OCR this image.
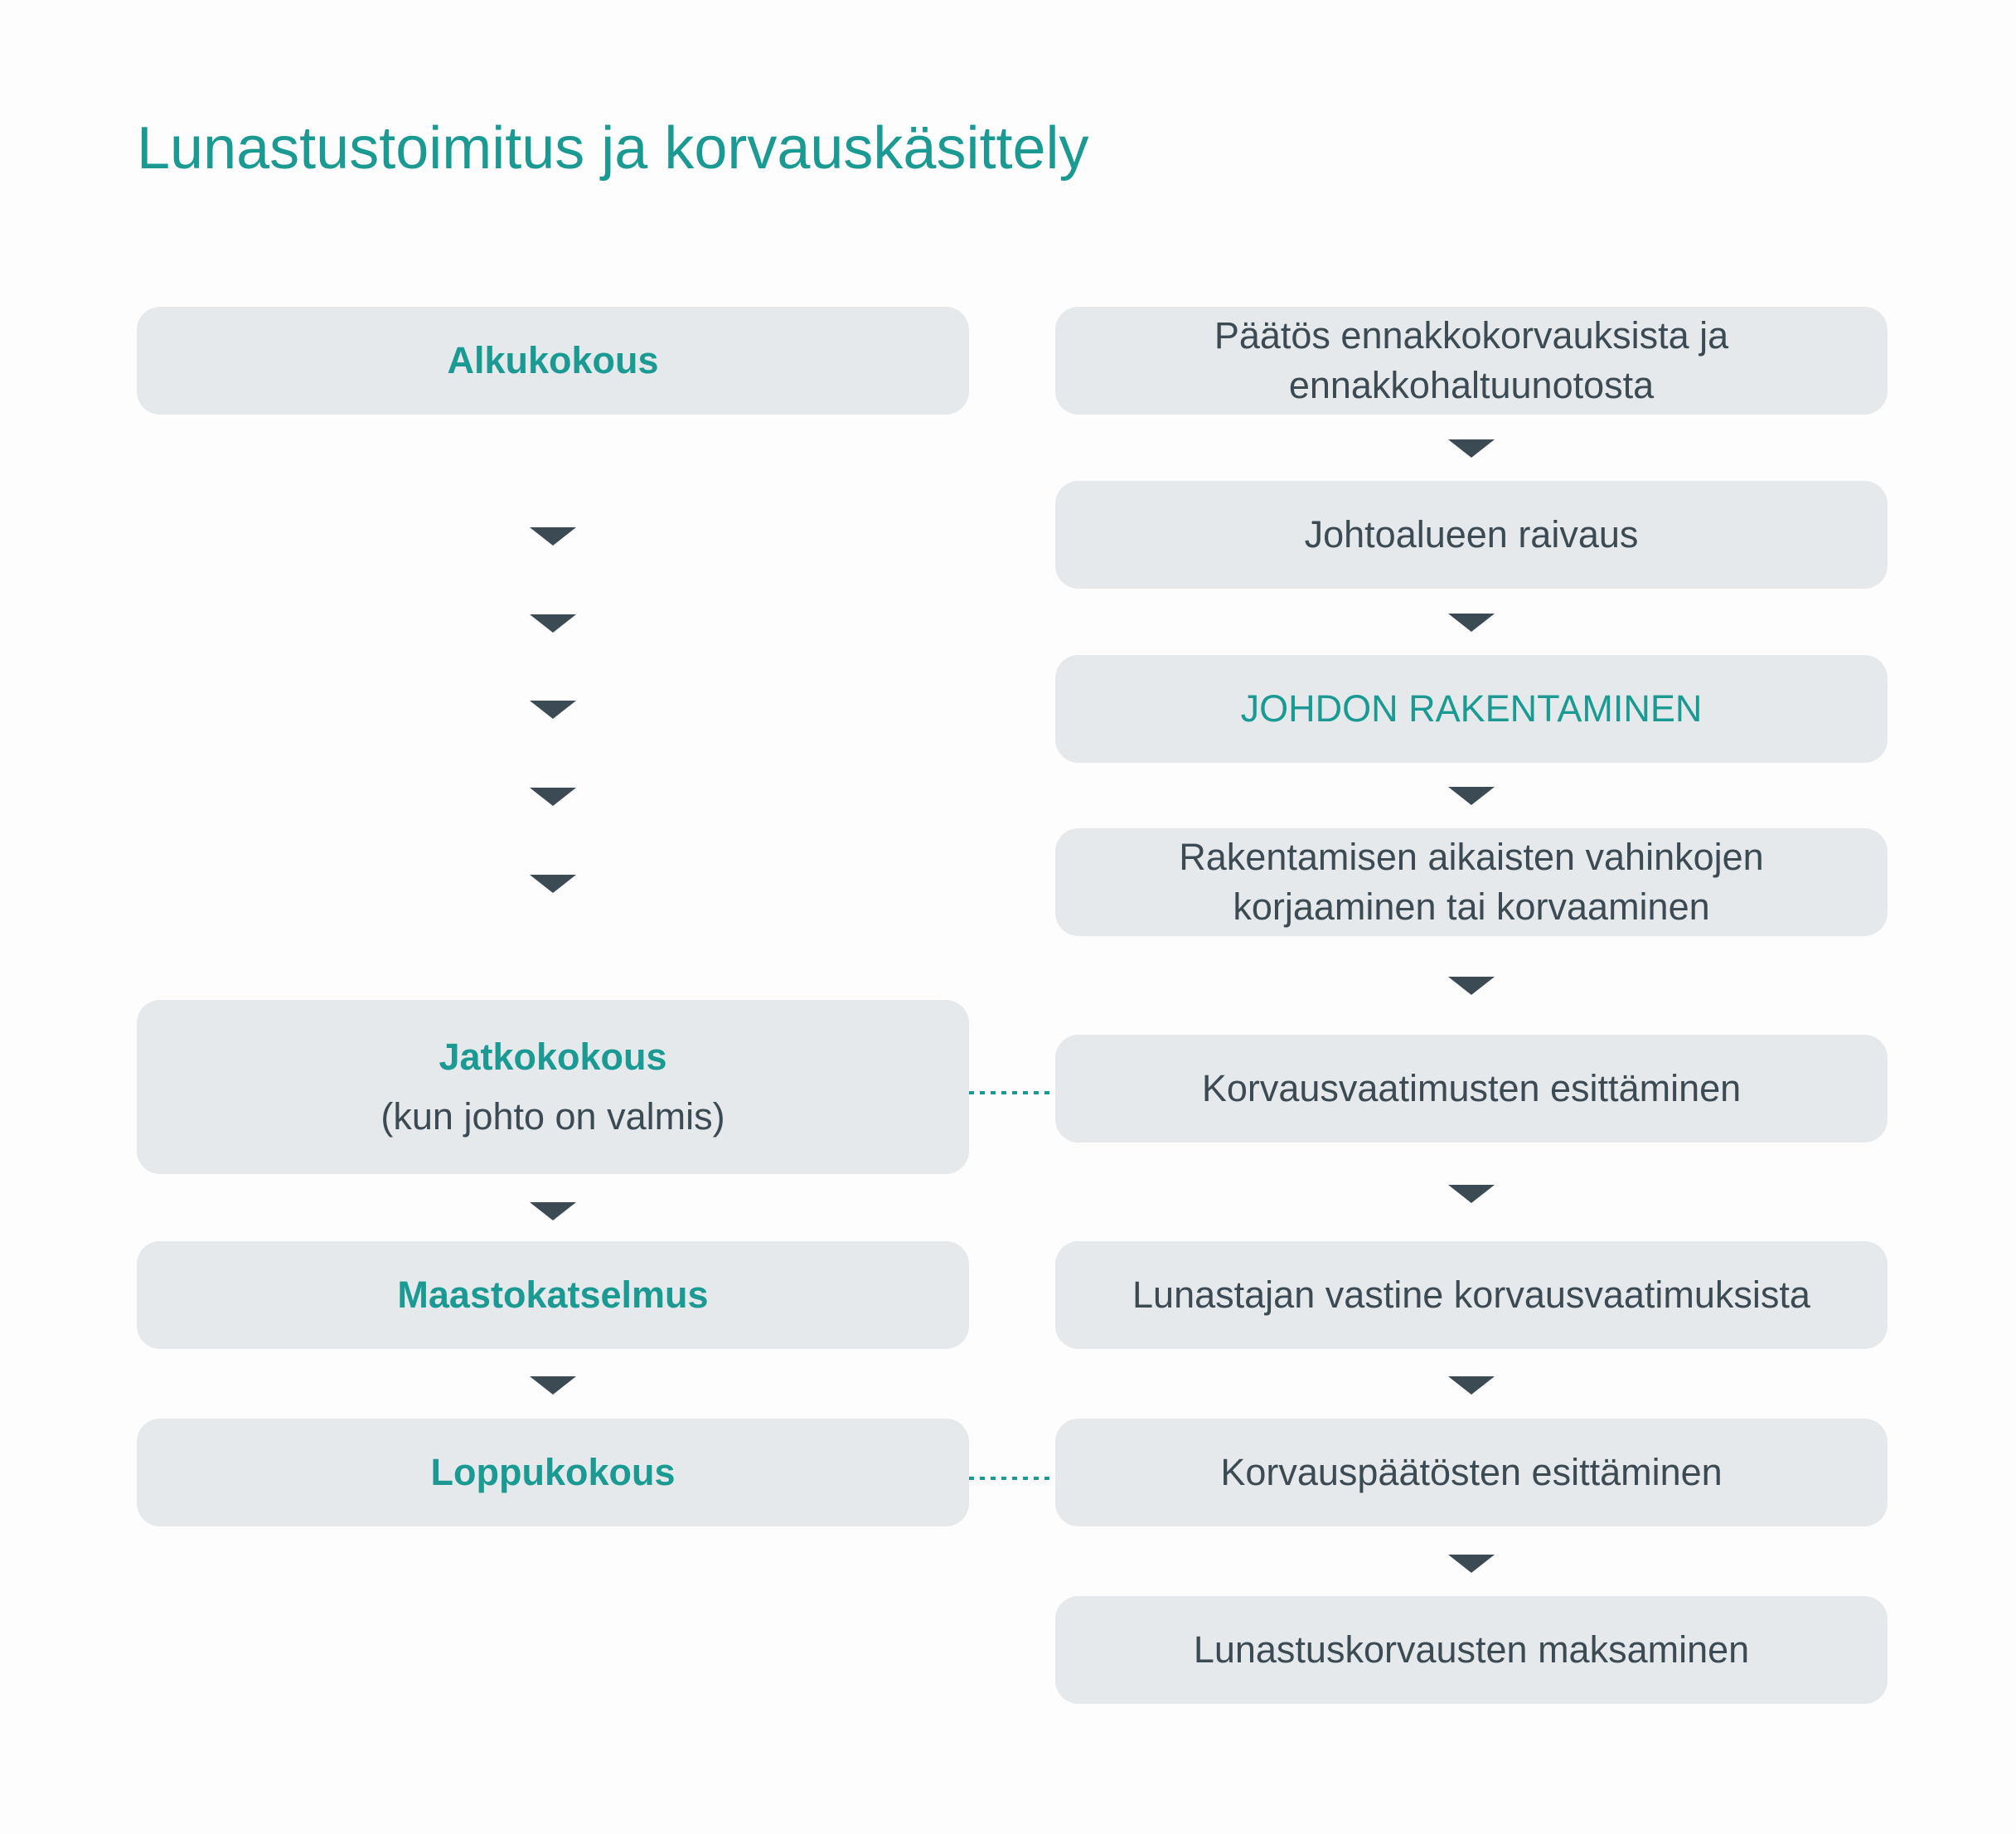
Lunastustoimitus ja korvauskäsittely
Alkukokous
Jatkokokous
(kun johto on valmis)
Maastokatselmus
Loppukokous
Päätös ennakkokorvauksista ja
ennakkohaltuunotosta
Johtoalueen raivaus
JOHDON RAKENTAMINEN
Rakentamisen aikaisten vahinkojen
korjaaminen tai korvaaminen
Korvausvaatimusten esittäminen
Lunastajan vastine korvausvaatimuksista
Korvauspäätösten esittäminen
Lunastuskorvausten maksaminen
